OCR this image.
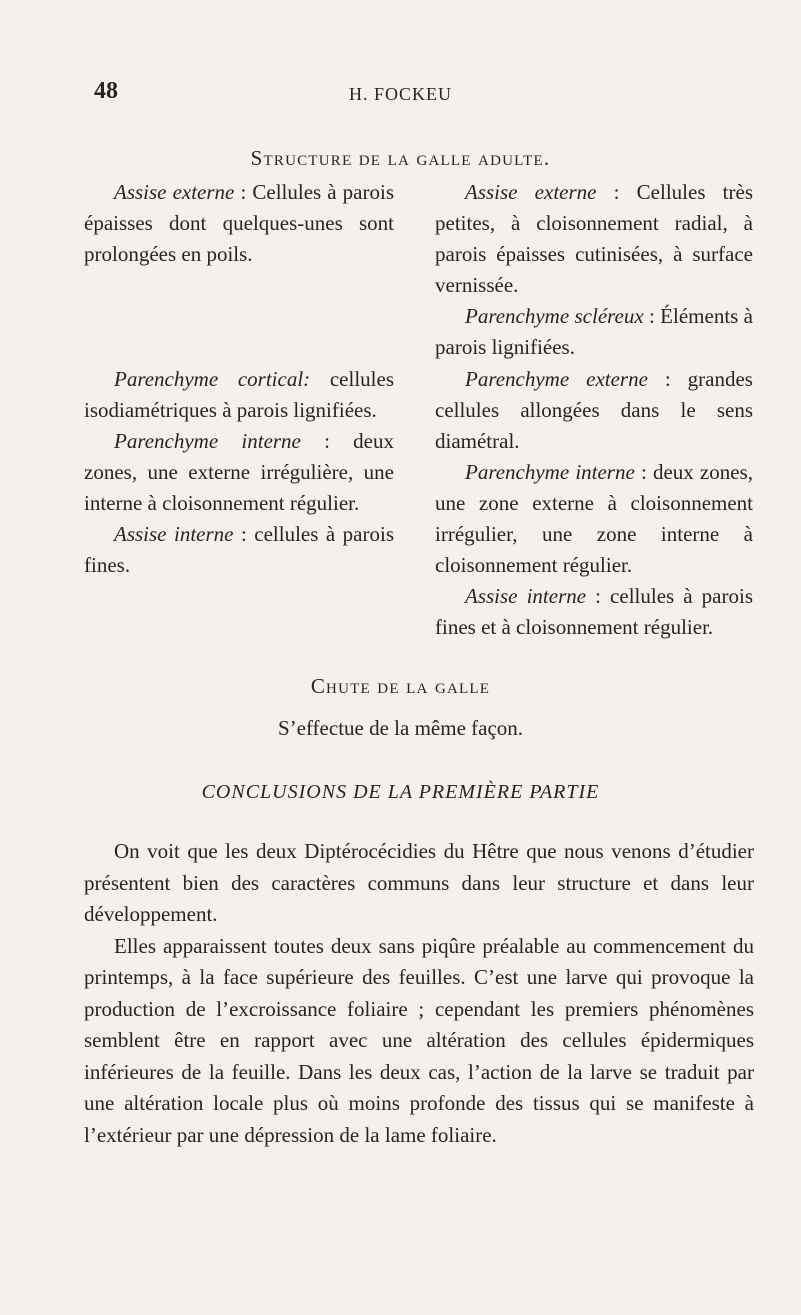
48	H. FOCKEU
Structure de la galle adulte.

Assise externe : Cellules à parois épaisses dont quelques-unes sont prolongées en poils.

Assise externe : Cellules très petites, à cloisonnement radial, à parois épaisses cutinisées, à surface vernissée.

Parenchyme scléreux : Éléments à parois lignifiées.

Parenchyme cortical: cellules isodiamétriques à parois lignifiées.

Parenchyme interne : deux zones, une externe irrégulière, une interne à cloisonnement régulier.

Assise interne : cellules à parois fines.

Parenchyme externe : grandes cellules allongées dans le sens diamétral.

Parenchyme interne : deux zones, une zone externe à cloisonnement irrégulier, une zone interne à cloisonnement régulier.

Assise interne : cellules à parois fines et à cloisonnement régulier.

Chute de la galle
S’effectue de la même façon.
CONCLUSIONS DE LA PREMIÈRE PARTIE

On voit que les deux Diptérocécidies du Hêtre que nous venons d’étudier présentent bien des caractères communs dans leur structure et dans leur développement.

Elles apparaissent toutes deux sans piqûre préalable au commencement du printemps, à la face supérieure des feuilles. C’est une larve qui provoque la production de l’excroissance foliaire ; cependant les premiers phénomènes semblent être en rapport avec une altération des cellules épidermiques inférieures de la feuille. Dans les deux cas, l’action de la larve se traduit par une altération locale plus où moins profonde des tissus qui se manifeste à l’extérieur par une dépression de la lame foliaire.
